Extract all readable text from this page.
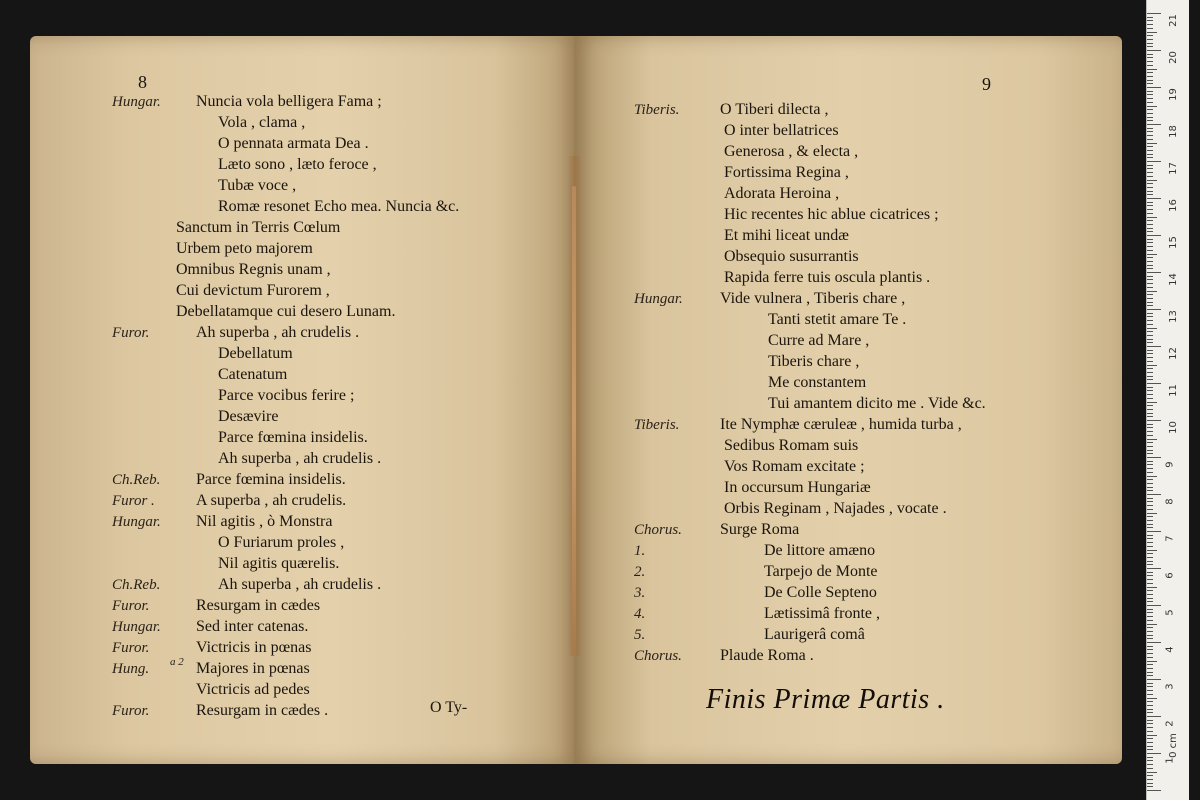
8
Hungar. Nuncia vola belligera Fama ;
Vola , clama ,
O pennata armata Dea .
Læto sono , læto feroce ,
Tubæ voce ,
Romæ resonet Echo mea. Nuncia &c.
Sanctum in Terris Cœlum
Urbem peto majorem
Omnibus Regnis unam ,
Cui devictum Furorem ,
Debellatamque cui desero Lunam.
Furor.	Ah superba , ah crudelis .
Debellatum
Catenatum
Parce vocibus ferire ;
Desævire
Parce fœmina insidelis.
Ah superba , ah crudelis .
Ch.Reb. Parce fœmina insidelis.
Furor .	A superba , ah crudelis.
Hungar. Nil agitis , ò Monstra
O Furiarum proles ,
Nil agitis quærelis.
Ch.Reb.	Ah superba , ah crudelis .
Furor.	Resurgam in cædes
Hungar. Sed inter catenas.
Furor.	Victricis in pœnas
Hung.	Majores in pœnas
Victricis ad pedes
Furor.	Resurgam in cædes .
a 2
O Ty-
9
Tiberis.	O Tiberi dilecta ,
O inter bellatrices
Generosa , & electa ,
Fortissima Regina ,
Adorata Heroina ,
Hic recentes hic ablue cicatrices ;
Et mihi liceat undæ
Obsequio susurrantis
Rapida ferre tuis oscula plantis .
Hungar. Vide vulnera , Tiberis chare ,
Tanti stetit amare Te .
Curre ad Mare ,
Tiberis chare ,
Me constantem
Tui amantem dicito me . Vide &c.
Tiberis.	Ite Nymphæ cæruleæ , humida turba ,
Sedibus Romam suis
Vos Romam excitate ;
In occursum Hungariæ
Orbis Reginam , Najades , vocate .
Chorus. Surge Roma
1.	De littore amæno
2.	Tarpejo de Monte
3.	De Colle Septeno
4.	Lætissimâ fronte ,
5.	Laurigerâ comâ
Chorus. Plaude Roma .
Finis Primæ Partis .
0 cm
21
20
19
18
17
16
15
14
13
12
11
10
9
8
7
6
5
4
3
2
1
